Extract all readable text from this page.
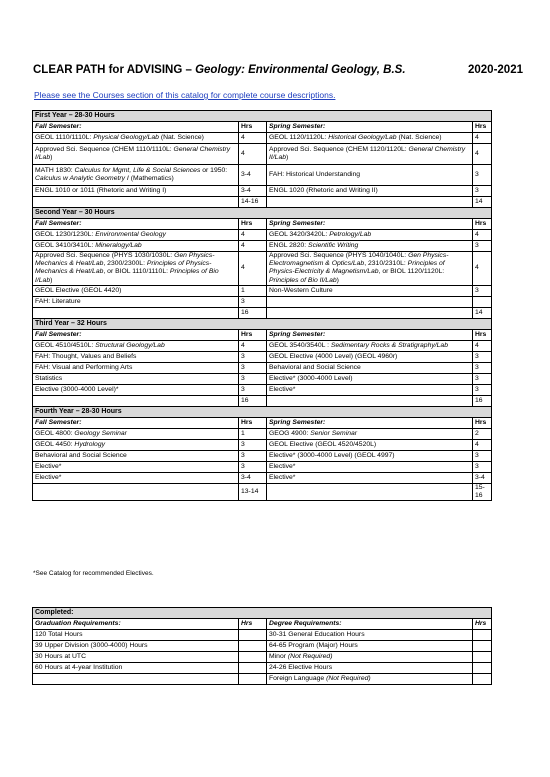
CLEAR PATH for ADVISING – Geology: Environmental Geology, B.S.	2020-2021
Please see the Courses section of this catalog for complete course descriptions.
First Year – 28-30 Hours			
Fall Semester:	Hrs	Spring Semester:	Hrs
GEOL 1110/1110L: Physical Geology/Lab (Nat. Science)	4	GEOL 1120/1120L: Historical Geology/Lab (Nat. Science)	4
Approved Sci. Sequence (CHEM 1110/1110L: General Chemistry I/Lab)	4	Approved Sci. Sequence (CHEM 1120/1120L: General Chemistry II/Lab)	4
MATH 1830: Calculus for Mgmt, Life & Social Sciences or 1950: Calculus w Analytic Geometry I (Mathematics)	3-4	FAH: Historical Understanding	3
ENGL 1010 or 1011 (Rhetoric and Writing I)	3-4	ENGL 1020 (Rhetoric and Writing II)	3
	14-16		14
Second Year – 30 Hours			
Fall Semester:	Hrs	Spring Semester:	Hrs
GEOL 1230/1230L: Environmental Geology	4	GEOL 3420/3420L: Petrology/Lab	4
GEOL 3410/3410L: Mineralogy/Lab	4	ENGL 2820: Scientific Writing	3
Approved Sci. Sequence (PHYS 1030/1030L: Gen Physics-Mechanics & Heat/Lab, 2300/2300L: Principles of Physics-Mechanics & Heat/Lab, or BIOL 1110/1110L: Principles of Bio I/Lab)	4	Approved Sci. Sequence (PHYS 1040/1040L: Gen Physics-Electromagnetism & Optics/Lab, 2310/2310L: Principles of Physics-Electricity & Magnetism/Lab, or BIOL 1120/1120L: Principles of Bio II/Lab)	4
GEOL Elective (GEOL 4420)	1	Non-Western Culture	3
FAH: Literature	3		
	16		14
Third Year – 32 Hours			
Fall Semester:	Hrs	Spring Semester:	Hrs
GEOL 4510/4510L: Structural Geology/Lab	4	GEOL 3540/3540L : Sedimentary Rocks & Stratigraphy/Lab	4
FAH: Thought, Values and Beliefs	3	GEOL Elective (4000 Level) (GEOL 4960r)	3
FAH: Visual and Performing Arts	3	Behavioral and Social Science	3
Statistics	3	Elective* (3000-4000 Level)	3
Elective (3000-4000 Level)*	3	Elective*	3
	16		16
Fourth Year – 28-30 Hours			
Fall Semester:	Hrs	Spring Semester:	Hrs
GEOL 4800: Geology Seminar	1	GEOG 4900: Senior Seminar	2
GEOL 4450: Hydrology	3	GEOL Elective (GEOL 4520/4520L)	4
Behavioral and Social Science	3	Elective* (3000-4000 Level) (GEOL 4997)	3
Elective*	3	Elective*	3
Elective*	3-4	Elective*	3-4
	13-14		15-16
*See Catalog for recommended Electives.
Completed:			
Graduation Requirements:	Hrs	Degree Requirements:	Hrs
120 Total Hours		30-31 General Education Hours	
39 Upper Division (3000-4000) Hours		64-65 Program (Major) Hours	
30 Hours at UTC		Minor (Not Required)	
60 Hours at 4-year Institution		24-26 Elective Hours	
		Foreign Language (Not Required)	
